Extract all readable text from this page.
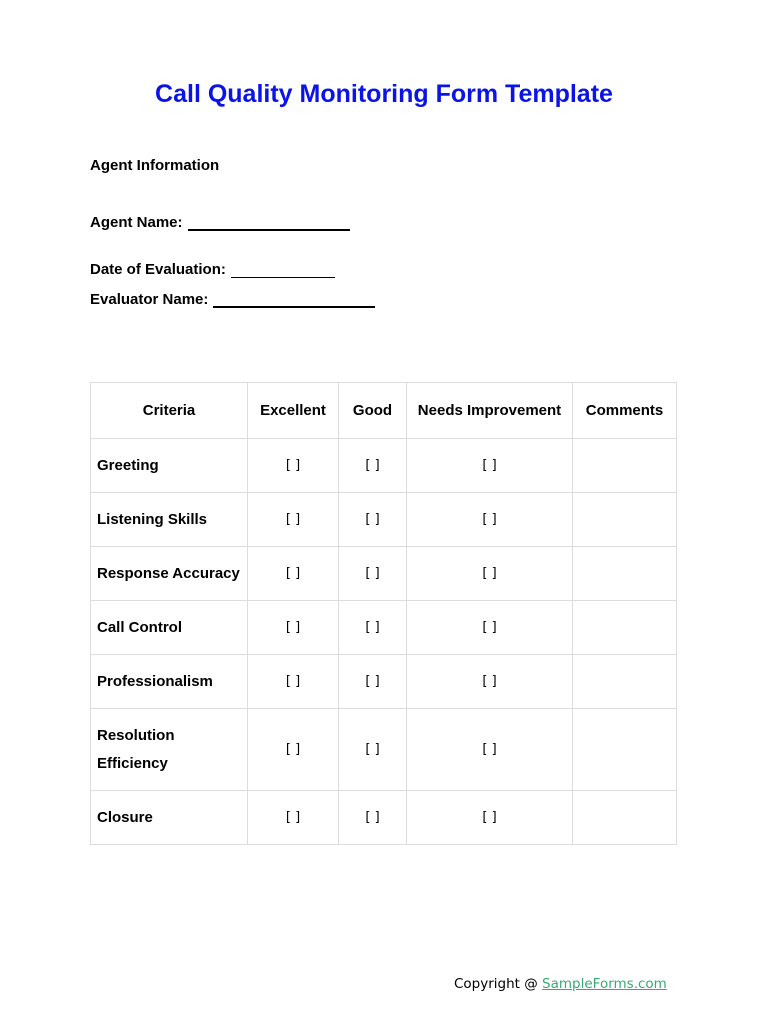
Call Quality Monitoring Form Template
Agent Information
Agent Name:
Date of Evaluation:
Evaluator Name:
Criteria	Excellent	Good	Needs Improvement	Comments
Greeting	[ ]	[ ]	[ ]	
Listening Skills	[ ]	[ ]	[ ]	
Response Accuracy	[ ]	[ ]	[ ]	
Call Control	[ ]	[ ]	[ ]	
Professionalism	[ ]	[ ]	[ ]	
Resolution Efficiency	[ ]	[ ]	[ ]	
Closure	[ ]	[ ]	[ ]	
Copyright @ SampleForms.com
